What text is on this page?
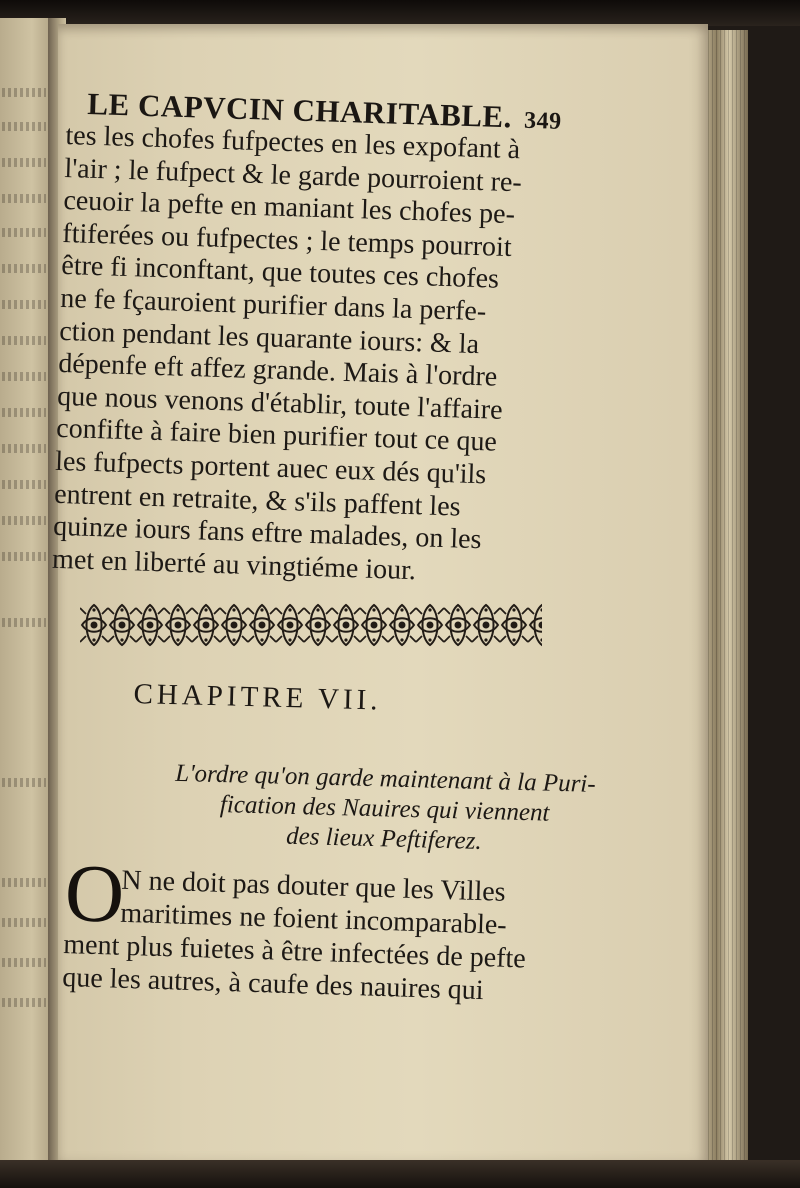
LE CAPVCIN CHARITABLE. 349
tes les chofes fufpectes en les expofant à
l'air ; le fufpect & le garde pourroient re-
ceuoir la pefte en maniant les chofes pe-
ftiferées ou fufpectes ; le temps pourroit
être fi inconftant, que toutes ces chofes
ne fe fçauroient purifier dans la perfe-
ction pendant les quarante iours: & la
dépenfe eft affez grande. Mais à l'ordre
que nous venons d'établir, toute l'affaire
confifte à faire bien purifier tout ce que
les fufpects portent auec eux dés qu'ils
entrent en retraite, & s'ils paffent les
quinze iours fans eftre malades, on les
met en liberté au vingtiéme iour.
CHAPITRE VII.
L'ordre qu'on garde maintenant à la Puri-
fication des Nauires qui viennent
des lieux Peftiferez.
O
N ne doit pas douter que les Villes
maritimes ne foient incomparable-
ment plus fuietes à être infectées de pefte
que les autres, à caufe des nauires qui
